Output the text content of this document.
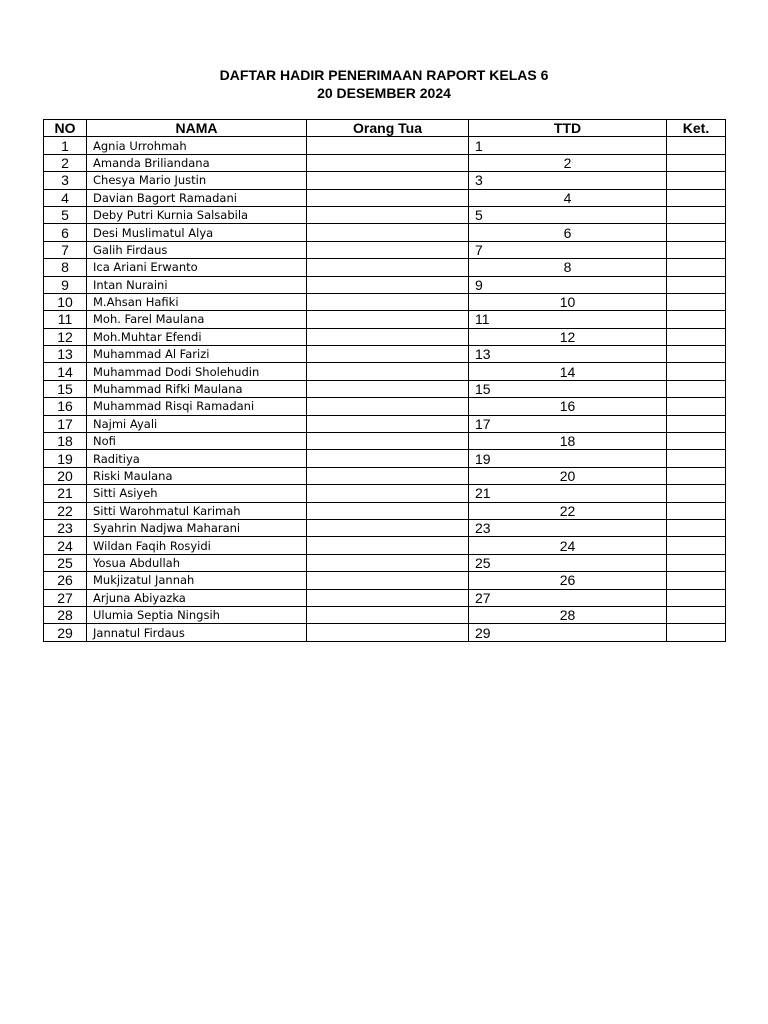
DAFTAR HADIR PENERIMAAN RAPORT KELAS 6
20 DESEMBER 2024
NO	NAMA	Orang Tua	TTD	Ket.
1	Agnia Urrohmah		1	
2	Amanda Briliandana		2	
3	Chesya Mario Justin		3	
4	Davian Bagort Ramadani		4	
5	Deby Putri Kurnia Salsabila		5	
6	Desi Muslimatul Alya		6	
7	Galih Firdaus		7	
8	Ica Ariani Erwanto		8	
9	Intan Nuraini		9	
10	M.Ahsan Hafiki		10	
11	Moh. Farel Maulana		11	
12	Moh.Muhtar Efendi		12	
13	Muhammad Al Farizi		13	
14	Muhammad Dodi Sholehudin		14	
15	Muhammad Rifki Maulana		15	
16	Muhammad Risqi Ramadani		16	
17	Najmi Ayali		17	
18	Nofi		18	
19	Raditiya		19	
20	Riski Maulana		20	
21	Sitti Asiyeh		21	
22	Sitti Warohmatul Karimah		22	
23	Syahrin Nadjwa Maharani		23	
24	Wildan Faqih Rosyidi		24	
25	Yosua Abdullah		25	
26	Mukjizatul Jannah		26	
27	Arjuna Abiyazka		27	
28	Ulumia Septia Ningsih		28	
29	Jannatul Firdaus		29	
